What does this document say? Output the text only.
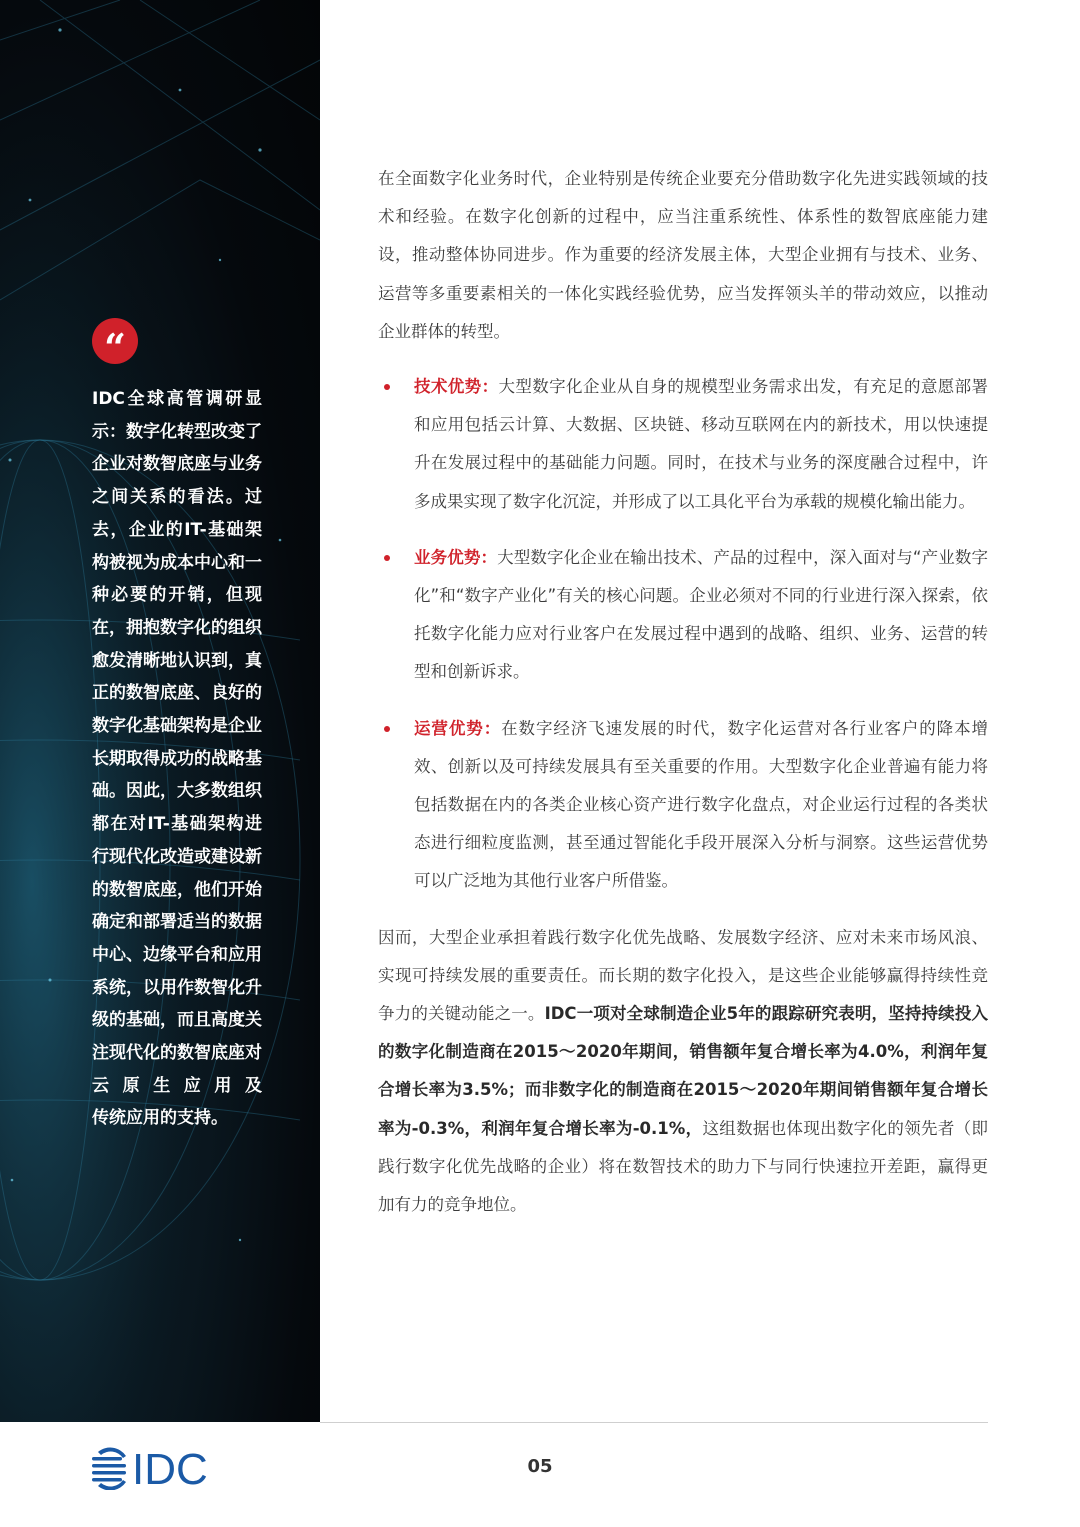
“

IDC全球高管调研显示：数字化转型改变了企业对数智底座与业务之间关系的看法。过去，企业的IT-基础架构被视为成本中心和一种必要的开销，但现在，拥抱数字化的组织愈发清晰地认识到，真正的数智底座、良好的数字化基础架构是企业长期取得成功的战略基础。因此，大多数组织都在对IT-基础架构进行现代化改造或建设新的数智底座，他们开始确定和部署适当的数据中心、边缘平台和应用系统，以用作数智化升级的基础，而且高度关注现代化的数智底座对云原生应用及
传统应用的支持。

在全面数字化业务时代，企业特别是传统企业要充分借助数字化先进实践领域的技术和经验。在数字化创新的过程中，应当注重系统性、体系性的数智底座能力建设，推动整体协同进步。作为重要的经济发展主体，大型企业拥有与技术、业务、运营等多重要素相关的一体化实践经验优势，应当发挥领头羊的带动效应，以推动企业群体的转型。

技术优势：大型数字化企业从自身的规模型业务需求出发，有充足的意愿部署和应用包括云计算、大数据、区块链、移动互联网在内的新技术，用以快速提升在发展过程中的基础能力问题。同时，在技术与业务的深度融合过程中，许多成果实现了数字化沉淀，并形成了以工具化平台为承载的规模化输出能力。
业务优势：大型数字化企业在输出技术、产品的过程中，深入面对与“产业数字化”和“数字产业化”有关的核心问题。企业必须对不同的行业进行深入探索，依托数字化能力应对行业客户在发展过程中遇到的战略、组织、业务、运营的转型和创新诉求。
运营优势：在数字经济飞速发展的时代，数字化运营对各行业客户的降本增效、创新以及可持续发展具有至关重要的作用。大型数字化企业普遍有能力将包括数据在内的各类企业核心资产进行数字化盘点，对企业运行过程的各类状态进行细粒度监测，甚至通过智能化手段开展深入分析与洞察。这些运营优势可以广泛地为其他行业客户所借鉴。

因而，大型企业承担着践行数字化优先战略、发展数字经济、应对未来市场风浪、实现可持续发展的重要责任。而长期的数字化投入，是这些企业能够赢得持续性竞争力的关键动能之一。IDC一项对全球制造企业5年的跟踪研究表明，坚持持续投入的数字化制造商在2015～2020年期间，销售额年复合增长率为4.0%，利润年复合增长率为3.5%；而非数字化的制造商在2015～2020年期间销售额年复合增长率为-0.3%，利润年复合增长率为-0.1%，这组数据也体现出数字化的领先者（即践行数字化优先战略的企业）将在数智技术的助力下与同行快速拉开差距，赢得更加有力的竞争地位。

IDC	05
